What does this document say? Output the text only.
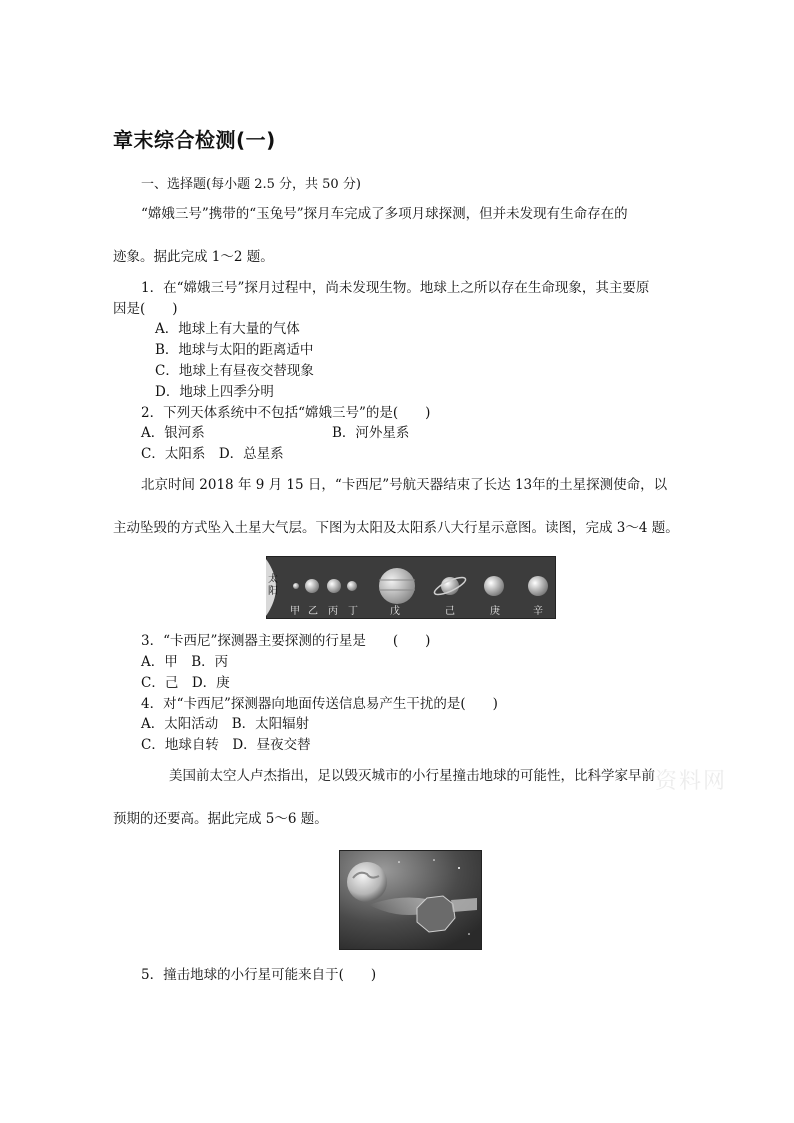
章末综合检测(一)
一、选择题(每小题 2.5 分，共 50 分)
“嫦娥三号”携带的“玉兔号”探月车完成了多项月球探测，但并未发现有生命存在的
迹象。据此完成 1～2 题。
1．在“嫦娥三号”探月过程中，尚未发现生物。地球上之所以存在生命现象，其主要原
因是(　　)
A．地球上有大量的气体
B．地球与太阳的距离适中
C．地球上有昼夜交替现象
D．地球上四季分明
2．下列天体系统中不包括“嫦娥三号”的是(　　)
A．银河系	B．河外星系
C．太阳系　D．总星系
北京时间 2018 年 9 月 15 日，“卡西尼”号航天器结束了长达 13年的土星探测使命，以
主动坠毁的方式坠入土星大气层。下图为太阳及太阳系八大行星示意图。读图，完成 3～4 题。
太
阳
甲 乙 丙 丁	戊	己	庚	辛
3．“卡西尼”探测器主要探测的行星是　　(　　)
A．甲　B．丙
C．己　D．庚
4．对“卡西尼”探测器向地面传送信息易产生干扰的是(　　)
A．太阳活动　B．太阳辐射
C．地球自转　D．昼夜交替
美国前太空人卢杰指出，足以毁灭城市的小行星撞击地球的可能性，比科学家早前
预期的还要高。据此完成 5～6 题。
5．撞击地球的小行星可能来自于(　　)
资料网
